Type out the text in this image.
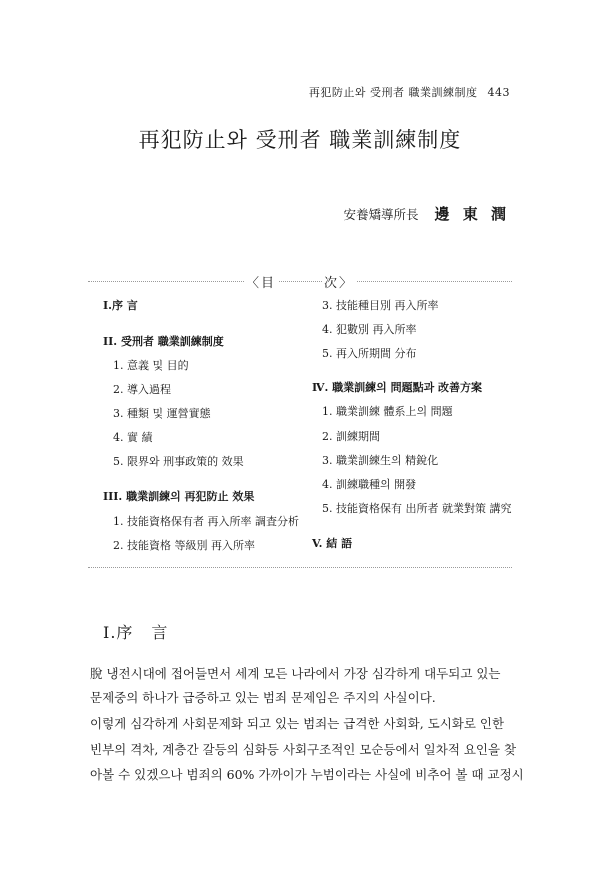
再犯防止와 受刑者 職業訓練制度 443
再犯防止와 受刑者 職業訓練制度
安養矯導所長 邊 東 潤
〈目	次〉
I.序 言
II. 受刑者 職業訓練制度
1. 意義 및 目的
2. 導入過程
3. 種類 및 運營實態
4. 實 績
5. 限界와 刑事政策的 效果
III. 職業訓練의 再犯防止 效果
1. 技能資格保有者 再入所率 調査分析
2. 技能資格 等級別 再入所率
3. 技能種目別 再入所率
4. 犯數別 再入所率
5. 再入所期間 分布
Ⅳ. 職業訓練의 問題點과 改善方案
1. 職業訓練 體系上의 問題
2. 訓練期間
3. 職業訓練生의 精銳化
4. 訓練職種의 開發
5. 技能資格保有 出所者 就業對策 講究
V. 結 語
I.序 言
脫 냉전시대에 접어들면서 세계 모든 나라에서 가장 심각하게 대두되고 있는
문제중의 하나가 급증하고 있는 범죄 문제임은 주지의 사실이다.
이렇게 심각하게 사회문제화 되고 있는 범죄는 급격한 사회화, 도시화로 인한
빈부의 격차, 계층간 갈등의 심화등 사회구조적인 모순등에서 일차적 요인을 찾
아볼 수 있겠으나 범죄의 60% 가까이가 누범이라는 사실에 비추어 볼 때 교정시
